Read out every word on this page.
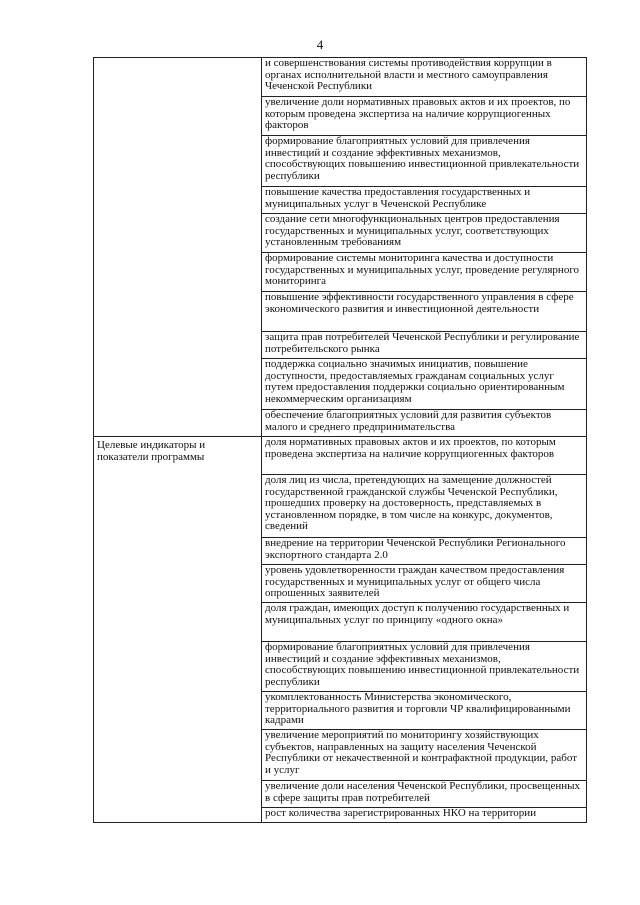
4
и совершенствования системы противодействия коррупции в органах исполнительной власти и местного самоуправления Чеченской Республики
увеличение доли нормативных правовых актов и их проектов, по которым проведена экспертиза на наличие коррупциогенных факторов
формирование благоприятных условий для привлечения инвестиций и создание эффективных механизмов, способствующих повышению инвестиционной привлекательности республики
повышение качества предоставления государственных и муниципальных услуг в Чеченской Республике
создание сети многофункциональных центров предоставления государственных и муниципальных услуг, соответствующих установленным требованиям
формирование системы мониторинга качества и доступности государственных и муниципальных услуг, проведение регулярного мониторинга
повышение эффективности государственного управления в сфере экономического развития и инвестиционной деятельности
защита прав потребителей Чеченской Республики и регулирование потребительского рынка
поддержка социально значимых инициатив, повышение доступности, предоставляемых гражданам социальных услуг путем предоставления поддержки социально ориентированным некоммерческим организациям
обеспечение благоприятных условий для развития субъектов малого и среднего предпринимательства
Целевые индикаторы и показатели программы
доля нормативных правовых актов и их проектов, по которым проведена экспертиза на наличие коррупциогенных факторов
доля лиц из числа, претендующих на замещение должностей государственной гражданской службы Чеченской Республики, прошедших проверку на достоверность, представляемых в установленном порядке, в том числе на конкурс, документов, сведений
внедрение на территории Чеченской Республики Регионального экспортного стандарта 2.0
уровень удовлетворенности граждан качеством предоставления государственных и муниципальных услуг от общего числа опрошенных заявителей
доля граждан, имеющих доступ к получению государственных и муниципальных услуг по принципу «одного окна»
формирование благоприятных условий для привлечения инвестиций и создание эффективных механизмов, способствующих повышению инвестиционной привлекательности республики
укомплектованность Министерства экономического, территориального развития и торговли ЧР квалифицированными кадрами
увеличение мероприятий по мониторингу хозяйствующих субъектов, направленных на защиту населения Чеченской Республики от некачественной и контрафактной продукции, работ и услуг
увеличение доли населения Чеченской Республики, просвещенных в сфере защиты прав потребителей
рост количества зарегистрированных НКО на территории
